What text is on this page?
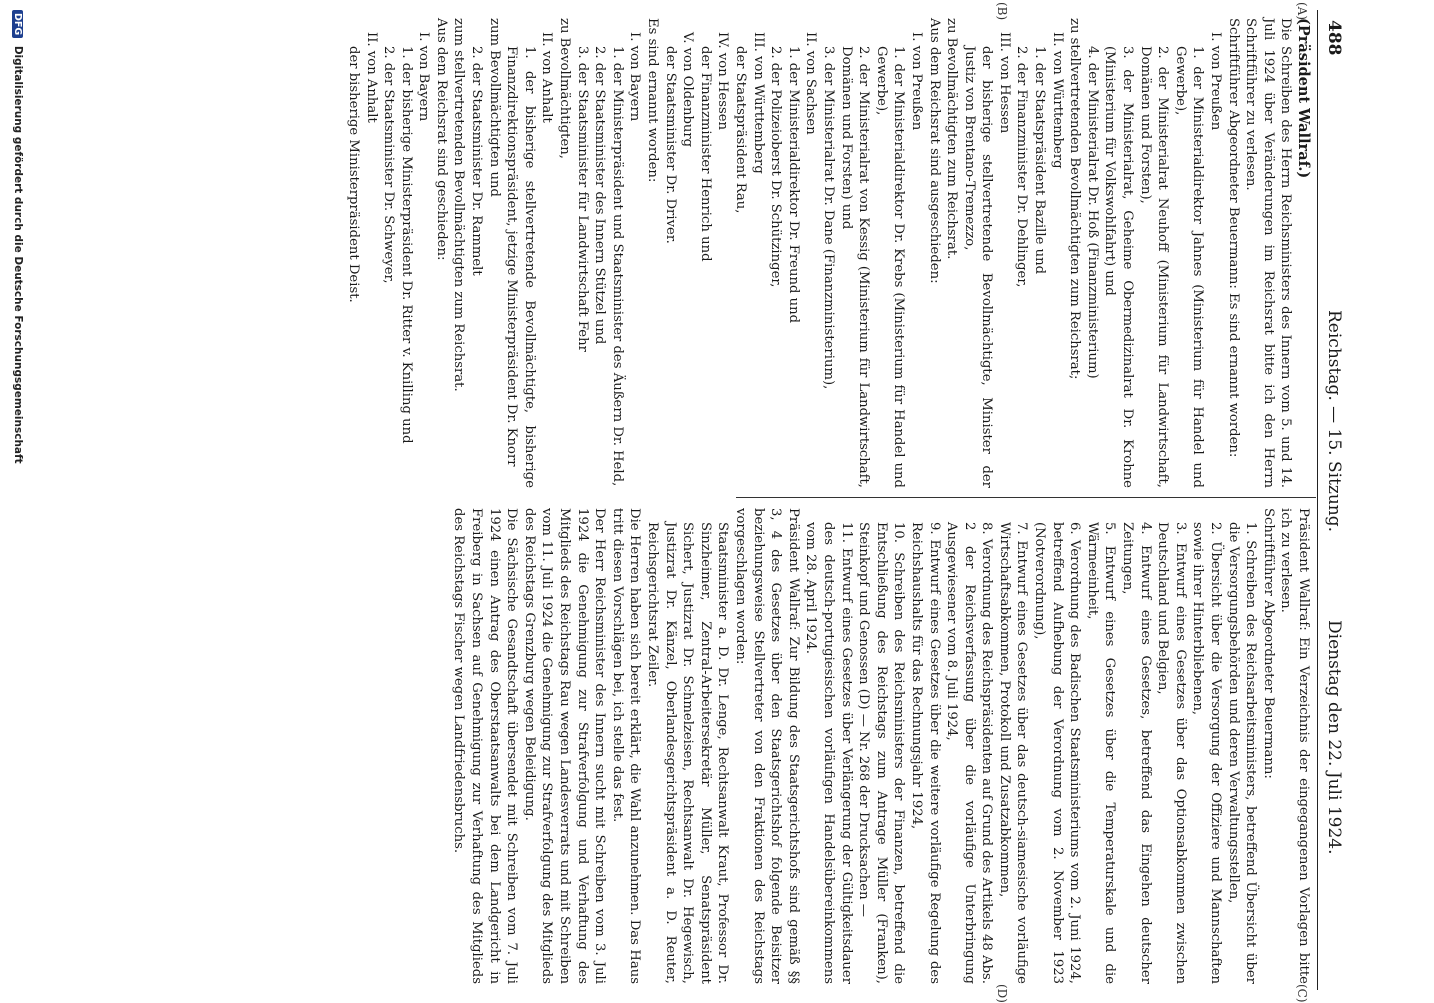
488
Reichstag. — 15. Sitzung.
Dienstag den 22. Juli 1924.
(A)
(B)
(C)
(D)

(Präsident Wallraf.)

Die Schreiben des Herrn Reichsministers des Innern vom 5. und 14. Juli 1924 über Veränderungen im Reichsrat bitte ich den Herrn Schriftführer zu verlesen.

Schriftführer Abgeordneter Beuermann: Es sind ernannt worden:

I. von Preußen

1. der Ministerialdirektor Jahnes (Ministerium für Handel und Gewerbe),

2. der Ministerialrat Neuhoff (Ministerium für Landwirtschaft, Domänen und Forsten),

3. der Ministerialrat, Geheime Obermedizinalrat Dr. Krohne (Ministerium für Volkswohlfahrt) und

4. der Ministerialrat Dr. Hoß (Finanzministerium)

zu stellvertretenden Bevollmächtigten zum Reichsrat;

II. von Württemberg

1. der Staatspräsident Bazille und

2. der Finanzminister Dr. Dehlinger,

III. von Hessen

der bisherige stellvertretende Bevollmächtigte, Minister der Justiz von Brentano-Tremezzo,

zu Bevollmächtigten zum Reichsrat.

Aus dem Reichsrat sind ausgeschieden:

I. von Preußen

1. der Ministerialdirektor Dr. Krebs (Ministerium für Handel und Gewerbe),

2. der Ministerialrat von Kessig (Ministerium für Landwirtschaft, Domänen und Forsten) und

3. der Ministerialrat Dr. Dane (Finanzministerium),

II. von Sachsen

1. der Ministerialdirektor Dr. Freund und

2. der Polizeioberst Dr. Schützinger,

III. von Württemberg

der Staatspräsident Rau,

IV. von Hessen

der Finanzminister Henrich und

V. von Oldenburg

der Staatsminister Dr. Driver.

Es sind ernannt worden:

I. von Bayern

1. der Ministerpräsident und Staatsminister des Äußern Dr. Held,

2. der Staatsminister des Innern Stützel und

3. der Staatsminister für Landwirtschaft Fehr

zu Bevollmächtigten,

II. von Anhalt

1. der bisherige stellvertretende Bevollmächtigte, bisherige Finanzdirektionspräsident, jetzige Ministerpräsident Dr. Knorr

zum Bevollmächtigten und

2. der Staatsminister Dr. Rammelt

zum stellvertretenden Bevollmächtigten zum Reichsrat.

Aus dem Reichsrat sind geschieden:

I. von Bayern

1. der bisherige Ministerpräsident Dr. Ritter v. Knilling und

2. der Staatsminister Dr. Schweyer,

II. von Anhalt

der bisherige Ministerpräsident Deist.

Präsident Wallraf: Ein Verzeichnis der eingegangenen Vorlagen bitte ich zu verlesen.

Schriftführer Abgeordneter Beuermann:

1. Schreiben des Reichsarbeitsministers, betreffend Übersicht über die Versorgungsbehörden und deren Verwaltungsstellen,

2. Übersicht über die Versorgung der Offiziere und Mannschaften sowie ihrer Hinterbliebenen,

3. Entwurf eines Gesetzes über das Optionsabkommen zwischen Deutschland und Belgien,

4. Entwurf eines Gesetzes, betreffend das Eingehen deutscher Zeitungen,

5. Entwurf eines Gesetzes über die Temperaturskale und die Wärmeeinheit,

6. Verordnung des Badischen Staatsministeriums vom 2. Juni 1924, betreffend Aufhebung der Verordnung vom 2. November 1923 (Notverordnung),

7. Entwurf eines Gesetzes über das deutsch-siamesische vorläufige Wirtschaftsabkommen, Protokoll und Zusatzabkommen,

8. Verordnung des Reichspräsidenten auf Grund des Artikels 48 Abs. 2 der Reichsverfassung über die vorläufige Unterbringung Ausgewiesener vom 8. Juli 1924,

9. Entwurf eines Gesetzes über die weitere vorläufige Regelung des Reichshaushalts für das Rechnungsjahr 1924,

10. Schreiben des Reichsministers der Finanzen, betreffend die Entschließung des Reichstags zum Antrage Müller (Franken), Steinkopf und Genossen (D) — Nr. 268 der Drucksachen —

11. Entwurf eines Gesetzes über Verlängerung der Gültigkeitsdauer des deutsch-portugiesischen vorläufigen Handelsübereinkommens vom 28. April 1924.

Präsident Wallraf: Zur Bildung des Staatsgerichtshofs sind gemäß §§ 3, 4 des Gesetzes über den Staatsgerichtshof folgende Beisitzer beziehungsweise Stellvertreter von den Fraktionen des Reichstags vorgeschlagen worden:

Staatsminister a. D. Dr. Lenge, Rechtsanwalt Kraut, Professor Dr. Sinzheimer, Zentral-Arbeitersekretär Müller, Senatspräsident Sichert, Justizrat Dr. Schmelzeisen, Rechtsanwalt Dr. Hegewisch, Justizrat Dr. Känzel, Oberlandesgerichtspräsident a. D. Reuter, Reichsgerichtsrat Zeiler.

Die Herren haben sich bereit erklärt, die Wahl anzunehmen. Das Haus tritt diesen Vorschlägen bei, ich stelle das fest.

Der Herr Reichsminister des Innern sucht mit Schreiben vom 3. Juli 1924 die Genehmigung zur Strafverfolgung und Verhaftung des Mitglieds des Reichstags Rau wegen Landesverrats und mit Schreiben vom 11. Juli 1924 die Genehmigung zur Strafverfolgung des Mitglieds des Reichstags Grenzburg wegen Beleidigung.

Die Sächsische Gesandtschaft übersendet mit Schreiben vom 7. Juli 1924 einen Antrag des Oberstaatsanwalts bei dem Landgericht in Freiberg in Sachsen auf Genehmigung zur Verhaftung des Mitglieds des Reichstags Fischer wegen Landfriedensbruchs.

DFG Digitalisierung gefördert durch die Deutsche Forschungsgemeinschaft
